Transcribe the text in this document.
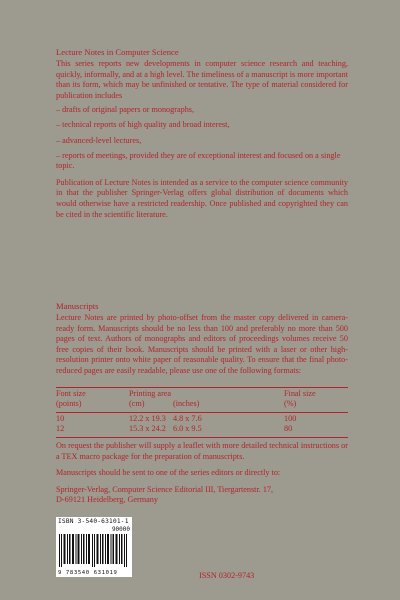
Lecture Notes in Computer Science

This series reports new developments in computer science research and teaching, quickly, informally, and at a high level. The timeliness of a manuscript is more important than its form, which may be unfinished or tentative. The type of material considered for publication includes

– drafts of original papers or monographs,
– technical reports of high quality and broad interest,
– advanced-level lectures,
– reports of meetings, provided they are of exceptional interest and focused on a single topic.

Publication of Lecture Notes is intended as a service to the computer science community in that the publisher Springer-Verlag offers global distribution of documents which would otherwise have a restricted readership. Once published and copyrighted they can be cited in the scientific literature.

Manuscripts

Lecture Notes are printed by photo-offset from the master copy delivered in camera-ready form. Manuscripts should be no less than 100 and preferably no more than 500 pages of text. Authors of monographs and editors of proceedings volumes receive 50 free copies of their book. Manuscripts should be printed with a laser or other high-resolution printer onto white paper of reasonable quality. To ensure that the final photo-reduced pages are easily readable, please use one of the following formats:

Font size	Printing area	Final size
(points)	(cm)	(inches)	(%)
10	12.2 x 19.3 4.8 x 7.6	100
12	15.3 x 24.2 6.0 x 9.5	80

On request the publisher will supply a leaflet with more detailed technical instructions or a TEX macro package for the preparation of manuscripts.

Manuscripts should be sent to one of the series editors or directly to:

Springer-Verlag, Computer Science Editorial III, Tiergartenstr. 17,
D-69121 Heidelberg, Germany
ISBN 3-540-63101-1
90000
9 783540 631019	ISSN 0302-9743
